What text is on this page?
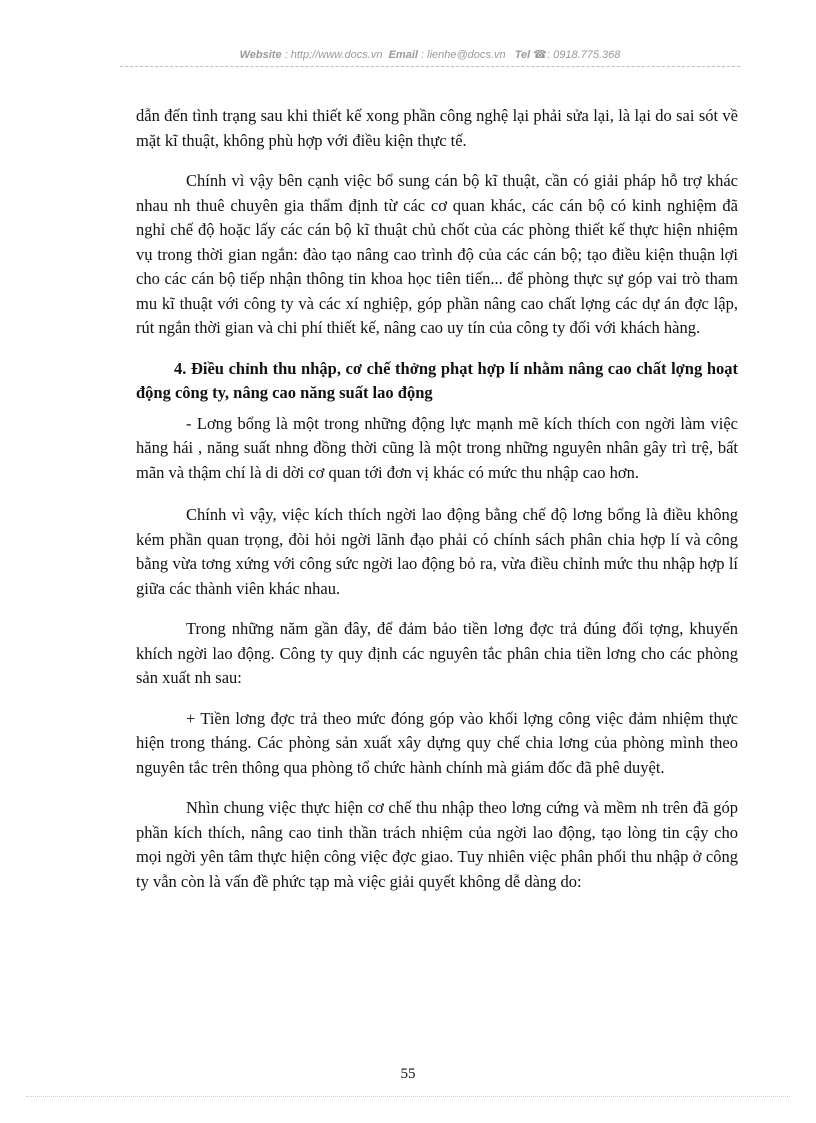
Website : http://www.docs.vn Email : lienhe@docs.vn Tel ☎: 0918.775.368

dẫn đến tình trạng sau khi thiết kế xong phần công nghệ lại phải sửa lại, là lại do sai sót về mặt kĩ thuật, không phù hợp với điều kiện thực tế.

Chính vì vậy bên cạnh việc bổ sung cán bộ kĩ thuật, cần có giải pháp hỗ trợ khác nhau nh thuê chuyên gia thẩm định từ các cơ quan khác, các cán bộ có kinh nghiệm đã nghỉ chế độ hoặc lấy các cán bộ kĩ thuật chủ chốt của các phòng thiết kế thực hiện nhiệm vụ trong thời gian ngắn: đào tạo nâng cao trình độ của các cán bộ; tạo điều kiện thuận lợi cho các cán bộ tiếp nhận thông tin khoa học tiên tiến... để phòng thực sự góp vai trò tham mu kĩ thuật với công ty và các xí nghiệp, góp phần nâng cao chất lợng các dự án đợc lập, rút ngắn thời gian và chi phí thiết kế, nâng cao uy tín của công ty đối với khách hàng.

4. Điều chỉnh thu nhập, cơ chế thởng phạt hợp lí nhằm nâng cao chất lợng hoạt động công ty, nâng cao năng suất lao động

- Lơng bổng là một trong những động lực mạnh mẽ kích thích con ngời làm việc hăng hái , năng suất nhng đồng thời cũng là một trong những nguyên nhân gây trì trệ, bất mãn và thậm chí là di dời cơ quan tới đơn vị khác có mức thu nhập cao hơn.

Chính vì vậy, việc kích thích ngời lao động bằng chế độ lơng bổng là điều không kém phần quan trọng, đòi hỏi ngời lãnh đạo phải có chính sách phân chia hợp lí và công bằng vừa tơng xứng với công sức ngời lao động bỏ ra, vừa điều chỉnh mức thu nhập hợp lí giữa các thành viên khác nhau.

Trong những năm gần đây, để đảm bảo tiền lơng đợc trả đúng đối tợng, khuyến khích ngời lao động. Công ty quy định các nguyên tắc phân chia tiền lơng cho các phòng sản xuất nh sau:

+ Tiền lơng đợc trả theo mức đóng góp vào khối lợng công việc đảm nhiệm thực hiện trong tháng. Các phòng sản xuất xây dựng quy chế chia lơng của phòng mình theo nguyên tắc trên thông qua phòng tổ chức hành chính mà giám đốc đã phê duyệt.

Nhìn chung việc thực hiện cơ chế thu nhập theo lơng cứng và mềm nh trên đã góp phần kích thích, nâng cao tinh thần trách nhiệm của ngời lao động, tạo lòng tin cậy cho mọi ngời yên tâm thực hiện công việc đợc giao. Tuy nhiên việc phân phối thu nhập ở công ty vẫn còn là vấn đề phức tạp mà việc giải quyết không dễ dàng do:

55
